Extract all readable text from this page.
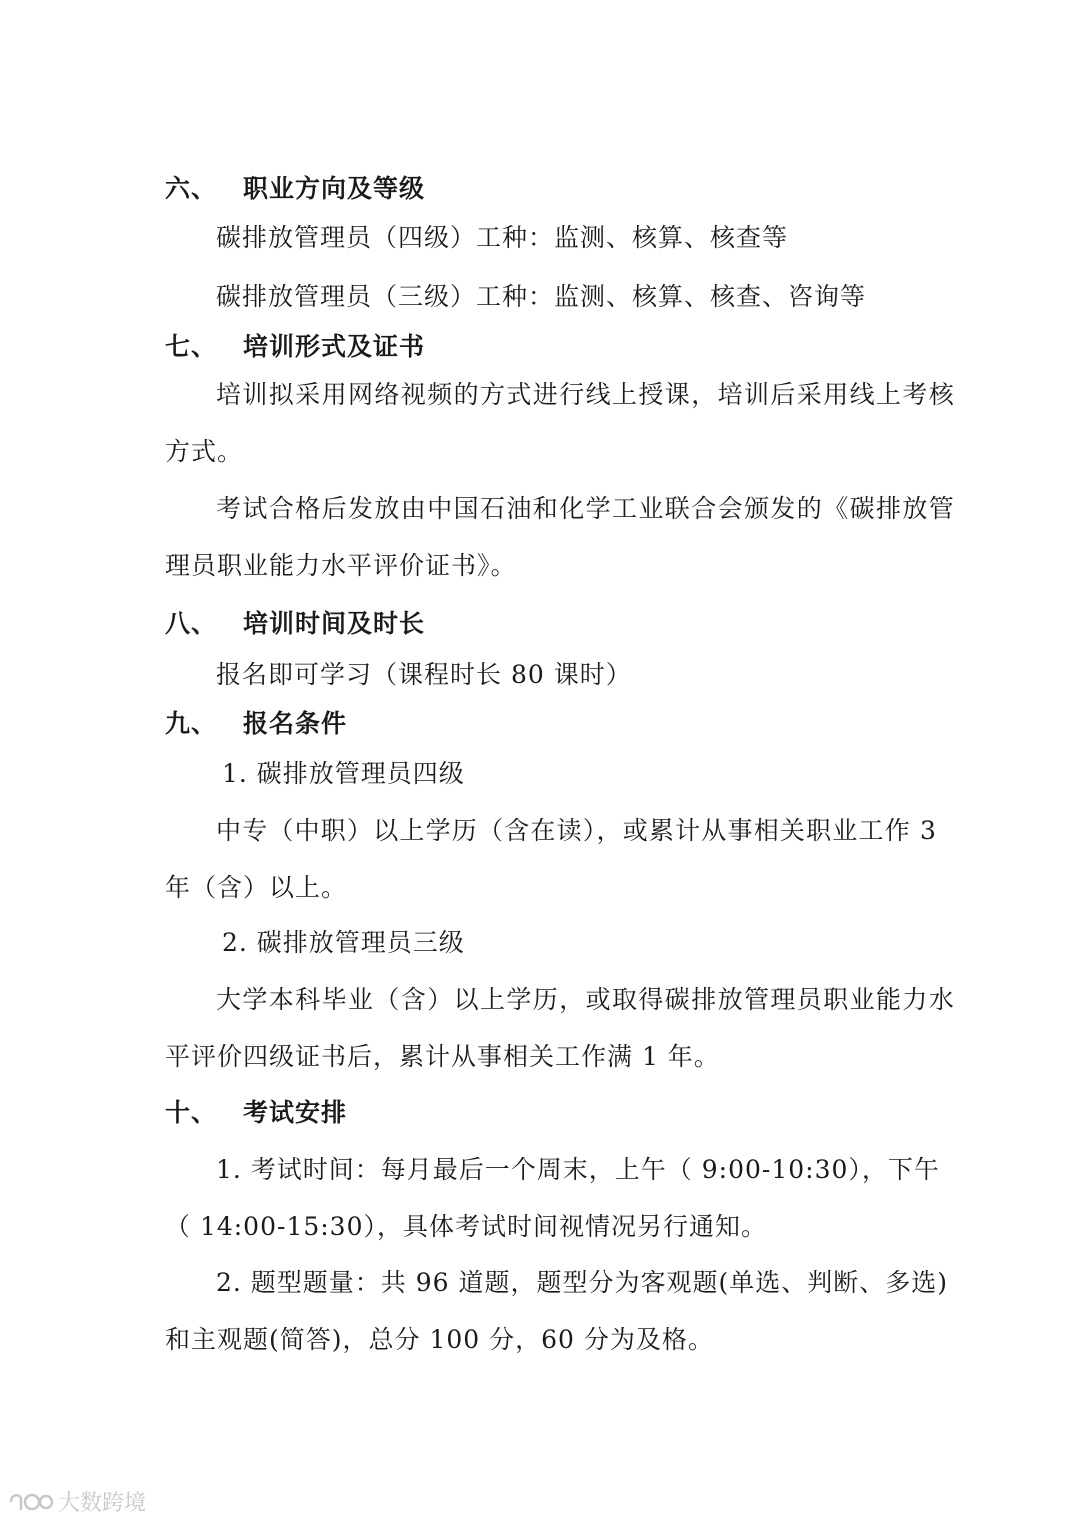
六、 职业方向及等级
碳排放管理员（四级）工种：监测、核算、核查等
碳排放管理员（三级）工种：监测、核算、核查、咨询等
七、 培训形式及证书
培训拟采用网络视频的方式进行线上授课，培训后采用线上考核
方式。
考试合格后发放由中国石油和化学工业联合会颁发的《碳排放管
理员职业能力水平评价证书》。
八、 培训时间及时长
报名即可学习（课程时长 80 课时）
九、 报名条件
1. 碳排放管理员四级
中专（中职）以上学历（含在读），或累计从事相关职业工作 3
年（含）以上。
2. 碳排放管理员三级
大学本科毕业（含）以上学历，或取得碳排放管理员职业能力水
平评价四级证书后，累计从事相关工作满 1 年。
十、 考试安排
1. 考试时间：每月最后一个周末，上午（ 9:00-10:30），下午
（ 14:00-15:30），具体考试时间视情况另行通知。
2. 题型题量：共 96 道题，题型分为客观题(单选、判断、多选)
和主观题(简答)，总分 100 分，60 分为及格。
大数跨境
